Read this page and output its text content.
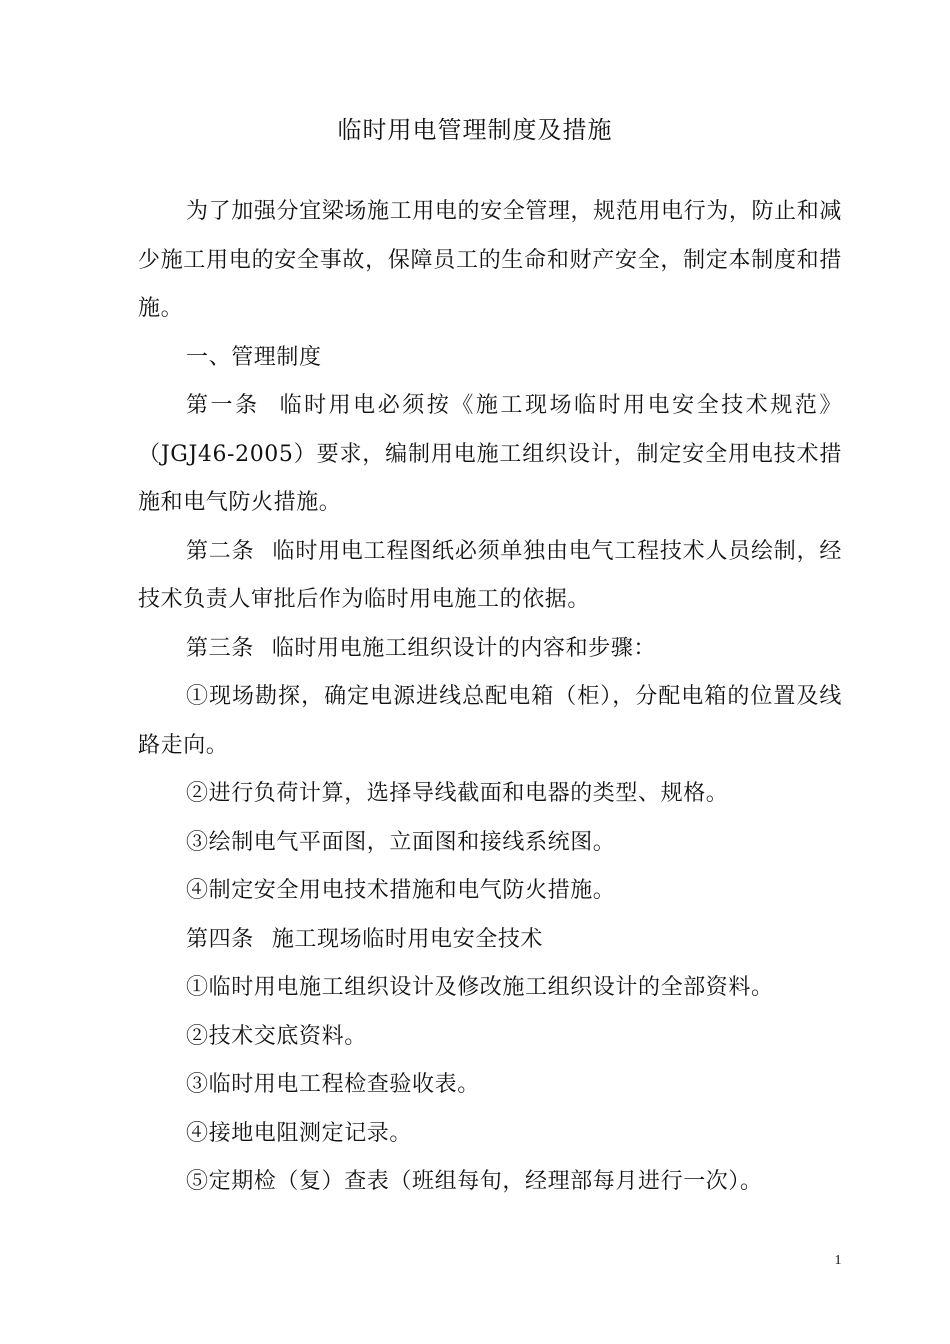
临时用电管理制度及措施

为了加强分宜梁场施工用电的安全管理，规范用电行为，防止和减少施工用电的安全事故，保障员工的生命和财产安全，制定本制度和措施。

一、管理制度

第一条 临时用电必须按《施工现场临时用电安全技术规范》（JGJ46-2005）要求，编制用电施工组织设计，制定安全用电技术措施和电气防火措施。

第二条 临时用电工程图纸必须单独由电气工程技术人员绘制，经技术负责人审批后作为临时用电施工的依据。

第三条 临时用电施工组织设计的内容和步骤：

①现场勘探，确定电源进线总配电箱（柜），分配电箱的位置及线路走向。

②进行负荷计算，选择导线截面和电器的类型、规格。

③绘制电气平面图，立面图和接线系统图。

④制定安全用电技术措施和电气防火措施。

第四条 施工现场临时用电安全技术

①临时用电施工组织设计及修改施工组织设计的全部资料。

②技术交底资料。

③临时用电工程检查验收表。

④接地电阻测定记录。

⑤定期检（复）查表（班组每旬，经理部每月进行一次）。

1
